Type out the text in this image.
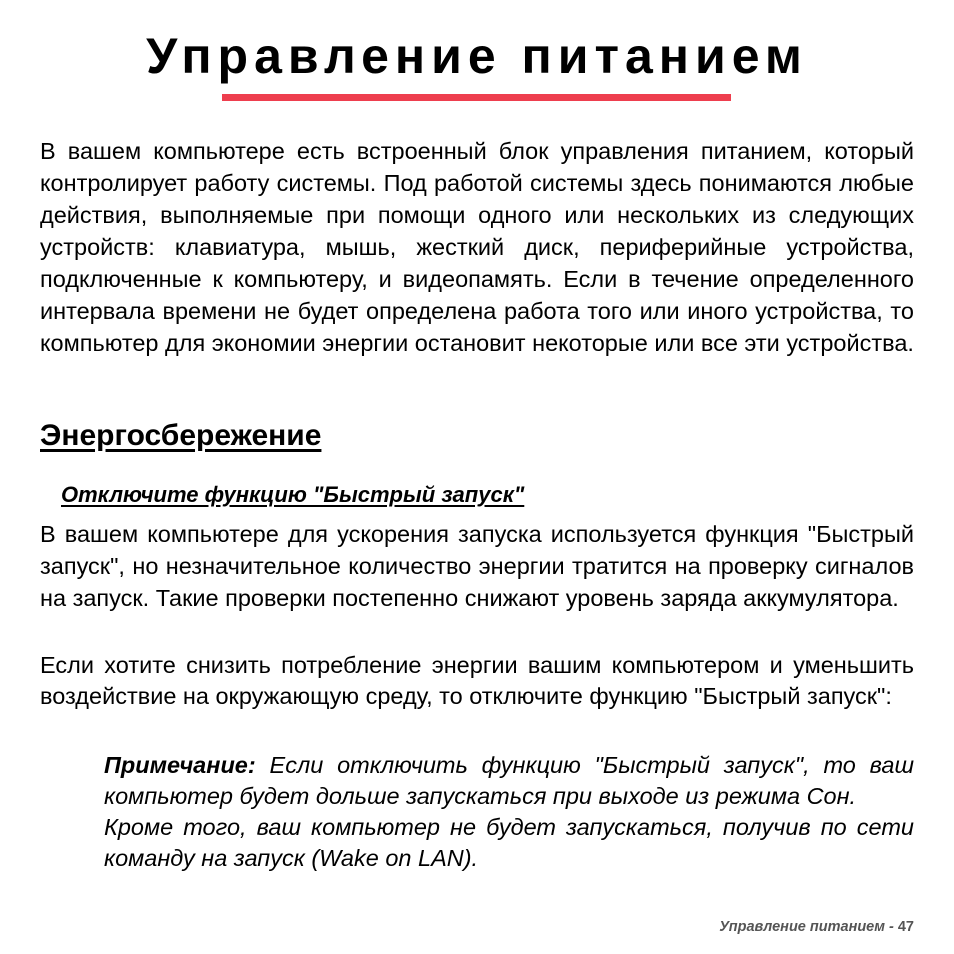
Управление питанием

В вашем компьютере есть встроенный блок управления питанием, который контролирует работу системы. Под работой системы здесь понимаются любые действия, выполняемые при помощи одного или нескольких из следующих устройств: клавиатура, мышь, жесткий диск, периферийные устройства, подключенные к компьютеру, и видеопамять. Если в течение определенного интервала времени не будет определена работа того или иного устройства, то компьютер для экономии энергии остановит некоторые или все эти устройства.

Энергосбережение
Отключите функцию "Быстрый запуск"

В вашем компьютере для ускорения запуска используется функция "Быстрый запуск", но незначительное количество энергии тратится на проверку сигналов на запуск. Такие проверки постепенно снижают уровень заряда аккумулятора.

Если хотите снизить потребление энергии вашим компьютером и уменьшить воздействие на окружающую среду, то отключите функцию "Быстрый запуск":

Примечание: Если отключить функцию "Быстрый запуск", то ваш компьютер будет дольше запускаться при выходе из режима Сон.

Кроме того, ваш компьютер не будет запускаться, получив по сети команду на запуск (Wake on LAN).

Управление питанием - 47
